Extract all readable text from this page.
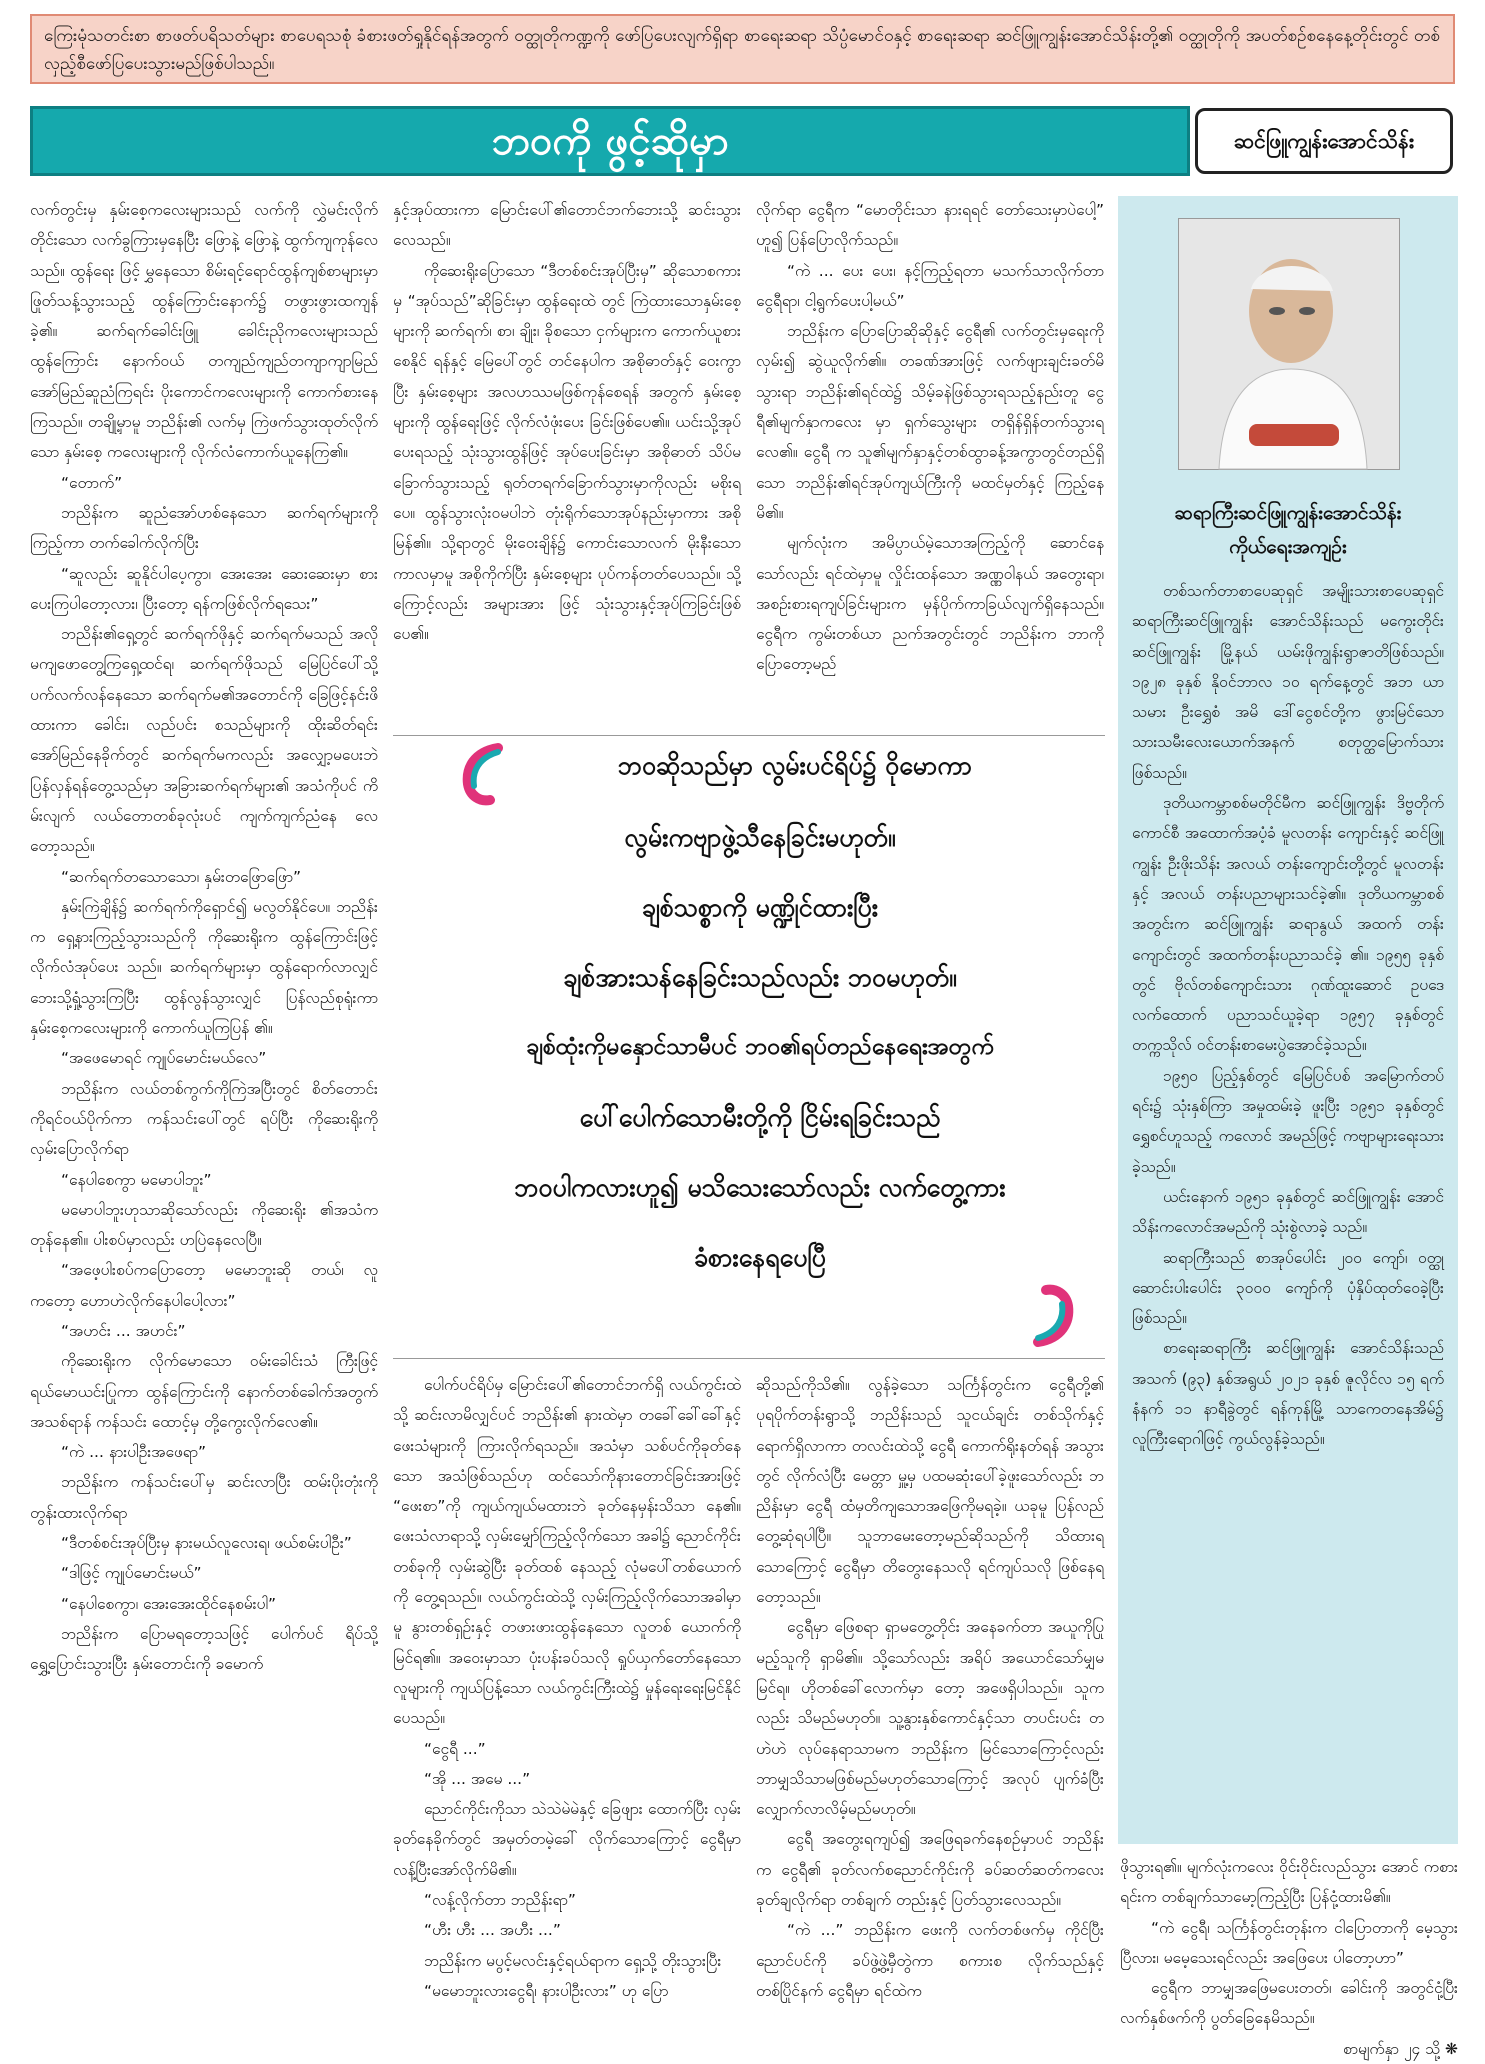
ကြေးမုံသတင်းစာ စာဖတ်ပရိသတ်များ စာပေရသစုံ ခံစားဖတ်ရှုနိုင်ရန်အတွက် ဝတ္ထုတိုကဏ္ဍကို ဖော်ပြပေးလျက်ရှိရာ စာရေးဆရာ သိပ္ပံမောင်ဝနှင့် စာရေးဆရာ ဆင်ဖြူကျွန်းအောင်သိန်းတို့၏ ဝတ္ထုတိုကို အပတ်စဉ်စနေနေ့တိုင်းတွင် တစ်လှည့်စီဖော်ပြပေးသွားမည်ဖြစ်ပါသည်။
ဘဝကို ဖွင့်ဆိုမှာ	ဆင်ဖြူကျွန်းအောင်သိန်း

လက်တွင်းမှ နှမ်းစေ့ကလေးများသည် လက်ကို လွှဲမင်းလိုက်တိုင်းသော လက်ခွကြားမှနေပြီး ဖြောနဲ့ ဖြောနဲ့ ထွက်ကျကုန်လေသည်။ ထွန်ရေး ဖြင့် မွှနေသော စိမ်းရင့်ရောင်ထွန်ကျစ်စာများမှာ ဖြုတ်သန့်သွားသည့် ထွန်ကြောင်းနောက်၌ တဖွားဖွားထကျန်ခဲ့၏။ ဆက်ရက်ခေါင်းဖြူ ခေါင်းညိုကလေးများသည် ထွန်ကြောင်း နောက်ဝယ် တကျည်ကျည်တကျာကျာမြည် အော်မြည်ဆူညံကြရင်း ပိုးကောင်ကလေးများကို ကောက်စားနေကြသည်။ တချို့မှာမူ ဘညိန်း၏ လက်မှ ကြဲဖက်သွားထုတ်လိုက်သော နှမ်းစေ့ ကလေးများကို လိုက်လံကောက်ယူနေကြ၏။

“တောက်”

ဘညိန်းက ဆူညံအော်ဟစ်နေသော ဆက်ရက်များကိုကြည့်ကာ တက်ခေါက်လိုက်ပြီး

“ဆူလည်း ဆူနိုင်ပါပေ့ကွာ၊ အေးအေး ဆေးဆေးမှာ စားပေးကြပါတော့လား၊ ပြီးတော့ ရန်ကဖြစ်လိုက်ရသေး”

ဘညိန်း၏ရှေ့တွင် ဆက်ရက်ဖိုနှင့် ဆက်ရက်မသည် အလိုမကျဖောတွေ့ကြရှေ့ထင်ရ၊ ဆက်ရက်ဖိုသည် မြေပြင်ပေါ်သို့ ပက်လက်လန်နေသော ဆက်ရက်မ၏အတောင်ကို ခြေဖြင့်နင်းဖိထားကာ ခေါင်း၊ လည်ပင်း စသည်များကို ထိုးဆိတ်ရင်း အော်မြည်နေခိုက်တွင် ဆက်ရက်မကလည်း အလျှော့မပေးဘဲ ပြန်လှန်ရန်တွေ့သည်မှာ အခြားဆက်ရက်များ၏ အသံကိုပင် ကိမ်းလျက် လယ်တောတစ်ခုလုံးပင် ကျက်ကျက်ညံနေ လေတော့သည်။

“ဆက်ရက်တသောသော၊ နှမ်းတဖြောဖြော”

နှမ်းကြဲချိန်၌ ဆက်ရက်ကိုရှောင်၍ မလွတ်နိုင်ပေ။ ဘညိန်းက ရှေ့နားကြည့်သွားသည်ကို ကိုဆေးရိုးက ထွန်ကြောင်းဖြင့် လိုက်လံအုပ်ပေး သည်။ ဆက်ရက်များမှာ ထွန်ရောက်လာလျှင် ဘေးသို့ရှုံ့သွားကြပြီး ထွန်လွန်သွားလျှင် ပြန်လည်စုရုံးကာ နှမ်းစေ့ကလေးများကို ကောက်ယူကြပြန် ၏။

“အဖေမောရင် ကျုပ်မောင်းမယ်လေ”

ဘညိန်းက လယ်တစ်ကွက်ကိုကြဲအပြီးတွင် စိတ်တောင်းကိုရင်ဝယ်ပိုက်ကာ ကန်သင်းပေါ်တွင် ရပ်ပြီး ကိုဆေးရိုးကို လှမ်းပြောလိုက်ရာ

“နေပါစေကွာ မမောပါဘူး”

မမောပါဘူးဟုသာဆိုသော်လည်း ကိုဆေးရိုး ၏အသံက တုန်နေ၏။ ပါးစပ်မှာလည်း ဟပြဲနေလေပြီ။

“အဖေ့ပါးစပ်ကပြောတော့ မမောဘူးဆို တယ်၊ လူကတော့ ဟောဟဲလိုက်နေပါပေါ့လား”

“အဟင်း ... အဟင်း”

ကိုဆေးရိုးက လိုက်မောသော ဝမ်းခေါင်းသံ ကြီးဖြင့် ရယ်မောယင်းပြုကာ ထွန်ကြောင်းကို နောက်တစ်ခေါက်အတွက် အသစ်ရာန် ကန်သင်း ထောင့်မှ တို့ကွေးလိုက်လေ၏။

“ကဲ ... နားပါဦးအဖေရာ”

ဘညိန်းက ကန်သင်းပေါ်မှ ဆင်းလာပြီး ထမ်းပိုးတုံးကို တွန်းထားလိုက်ရာ

“ဒီတစ်စင်းအုပ်ပြီးမှ နားမယ်လူလေးရ၊ ဖယ်စမ်းပါဦး”

“ဒါဖြင့် ကျုပ်မောင်းမယ်”

“နေပါစေကွာ၊ အေးအေးထိုင်နေစမ်းပါ”

ဘညိန်းက ပြောမရတော့သဖြင့် ပေါက်ပင် ရိပ်သို့ ရွှေ့ပြောင်းသွားပြီး နှမ်းတောင်းကို ခမောက်

နှင့်အုပ်ထားကာ မြောင်းပေါ်၏တောင်ဘက်ဘေးသို့ ဆင်းသွားလေသည်။

ကိုဆေးရိုးပြောသော “ဒီတစ်စင်းအုပ်ပြီးမှ” ဆိုသောစကားမှ “အုပ်သည်”ဆိုခြင်းမှာ ထွန်ရေးထဲ တွင် ကြဲထားသောနှမ်းစေ့များကို ဆက်ရက်၊ စာ၊ ချိုး၊ ခိုစသော ငှက်များက ကောက်ယူစားစေနိုင် ရန်နှင့် မြေပေါ်တွင် တင်နေပါက အစိုဓာတ်နှင့် ဝေးကွာပြီး နှမ်းစေ့များ အလဟဿမဖြစ်ကုန်စေရန် အတွက် နှမ်းစေ့များကို ထွန်ရေးဖြင့် လိုက်လံဖုံးပေး ခြင်းဖြစ်ပေ၏။ ယင်းသို့အုပ်ပေးရသည့် သုံးသွားထွန်ဖြင့် အုပ်ပေးခြင်းမှာ အစိုဓာတ် သိပ်မခြောက်သွားသည့် ရုတ်တရက်ခြောက်သွားမှာကိုလည်း မစိုးရပေ။ ထွန်သွားလုံးဝမပါဘဲ တုံးရိုက်သောအုပ်နည်းမှာကား အစိုမြန်၏။ သို့ရာတွင် မိုးဝေးချိန်၌ ကောင်းသောလက် မိုးနီးသောကာလမှာမူ အစိုကိုက်ပြီး နှမ်းစေ့များ ပုပ်ကန်တတ်ပေသည်။ သို့ကြောင့်လည်း အများအား ဖြင့် သုံးသွားနှင့်အုပ်ကြခြင်းဖြစ်ပေ၏။

လိုက်ရာ ငွေရီက “မောတိုင်းသာ နားရရင် တော်သေးမှာပဲပေါ့” ဟူ၍ ပြန်ပြောလိုက်သည်။

“ကဲ ... ပေး ပေး၊ နင့်ကြည့်ရတာ မသက်သာလိုက်တာ ငွေရီရာ၊ ငါ့ရွက်ပေးပါ့မယ်”

ဘညိန်းက ပြောပြောဆိုဆိုနှင့် ငွေရီ၏ လက်တွင်းမှရေးကိုလှမ်း၍ ဆွဲယူလိုက်၏။ တခဏ်အားဖြင့် လက်ဖျားချင်းခတ်မိသွားရာ ဘညိန်း၏ရင်ထဲ၌ သိမ့်ခနဲဖြစ်သွားရသည့်နည်းတူ ငွေရီ၏မျက်နှာကလေး မှာ ရှက်သွေးများ တရှိန်ရှိန်တက်သွားရလေ၏။ ငွေရီ က သူ၏မျက်နှာနှင့်တစ်ထွာခန့်အကွာတွင်တည်ရှိ သော ဘညိန်း၏ရင်အုပ်ကျယ်ကြီးကို မထင်မှတ်နှင့် ကြည့်နေမိ၏။

မျက်လုံးက အမိပ္ပာယ်မဲ့သောအကြည့်ကို ဆောင်နေသော်လည်း ရင်ထဲမှာမူ လှိုင်းထန်သော အဏ္ဏဝါနယ် အတွေးရာ၊ အစဉ်းစားရကျပ်ခြင်းများက မှန်ပိုက်ကာခြယ်လျက်ရှိနေသည်။ ငွေရီက ကွမ်းတစ်ယာ ညက်အတွင်းတွင် ဘညိန်းက ဘာကိုပြောတော့မည်

ဘဝဆိုသည်မှာ လွမ်းပင်ရိပ်၌ ဝိုမောကာ
လွမ်းကဗျာဖွဲ့သီနေခြင်းမဟုတ်။
ချစ်သစ္စာကို မဏ္ဍိုင်ထားပြီး
ချစ်အားသန်နေခြင်းသည်လည်း ဘဝမဟုတ်။
ချစ်ထုံးကိုမနှောင်သာမီပင် ဘဝ၏ရပ်တည်နေရေးအတွက်
ပေါ်ပေါက်သောမီးတို့ကို ငြိမ်းရခြင်းသည်
ဘဝပါကလားဟူ၍ မသိသေးသော်လည်း လက်တွေ့ကား
ခံစားနေရပေပြီ

ပေါက်ပင်ရိပ်မှ မြောင်းပေါ်၏တောင်ဘက်ရှိ လယ်ကွင်းထဲသို့ ဆင်းလာမိလျှင်ပင် ဘညိန်း၏ နားထဲမှာ တခေါ်ခေါ်ခေါ်နှင့် ဖေးသံများကို ကြားလိုက်ရသည်။ အသံမှာ သစ်ပင်ကိုခုတ်နေသော အသံဖြစ်သည်ဟု ထင်သော်ကိုနားတောင်ခြင်းအားဖြင့် “ဖေးစာ”ကို ကျယ်ကျယ်မထားဘဲ ခုတ်နေမှန်းသိသာ နေ၏။ ဖေးသံလာရာသို့ လှမ်းမျှော်ကြည့်လိုက်သော အခါ၌ ညောင်ကိုင်းတစ်ခုကို လှမ်းဆွဲပြီး ခုတ်ထစ် နေသည့် လုံမပေါ်တစ်ယောက်ကို တွေ့ရသည်။ လယ်ကွင်းထဲသို့ လှမ်းကြည့်လိုက်သောအခါမှာမူ နွားတစ်ရှဉ်းနှင့် တဖားဖားထွန်နေသော လူတစ် ယောက်ကို မြင်ရ၏။ အဝေးမှာသာ ပုံးပန်းခပ်သလို ရှုပ်ယှက်တော်နေသောလူများကို ကျယ်ပြန့်သော လယ်ကွင်းကြီးထဲ၌ မှုန်ရေးရေးမြင်နိုင်ပေသည်။

“ငွေရီ ...”

“အို ... အမေ ...”

ညောင်ကိုင်းကိုသာ သဲသဲမဲမဲနှင့် ခြေဖျား ထောက်ပြီး လှမ်းခုတ်နေခိုက်တွင် အမှတ်တမဲ့ခေါ် လိုက်သောကြောင့် ငွေရီမှာ လန့်ပြီးအော်လိုက်မိ၏။

“လန့်လိုက်တာ ဘညိန်းရာ”

“ဟီး ဟီး ... အဟီး ...”

ဘညိန်းက မပွင့်မလင်းနှင့်ရယ်ရာက ရှေ့သို့ တိုးသွားပြီး

“မမောဘူးလားငွေရီ၊ နားပါဦးလား” ဟု ပြော

ဆိုသည်ကိုသိ၏။ လွန်ခဲ့သော သင်္ကြန်တွင်းက ငွေရီတို့၏ ပုရပိုက်တန်းရွာသို့ ဘညိန်းသည် သူငယ်ချင်း တစ်သိုက်နှင့် ရောက်ရှိလာကာ တလင်းထဲသို့ ငွေရီ ကောက်ရိုးနတ်ရန် အသွားတွင် လိုက်လံပြီး မေတ္တာ မှူ့မှ ပထမဆုံးပေါ်ခဲ့ဖူးသော်လည်း ဘညိန်းမှာ ငွေရီ ထံမှတိကျသောအဖြေကိုမရခဲ့။ ယခုမူ ပြန်လည် တွေ့ဆုံရပါပြီ။ သူဘာမေးတော့မည်ဆိုသည်ကို သိထားရသောကြောင့် ငွေရီမှာ တိတွေးနေသလို ရင်ကျပ်သလို ဖြစ်နေရတော့သည်။

ငွေရီမှာ ဖြေစရာ ရှာမတွေ့တိုင်း အနေခက်တာ အယူကိုပြုမည့်သူကို ရှာမိ၏။ သို့သော်လည်း အရိပ် အယောင်သော်မျှမမြင်ရ။ ဟိုတစ်ခေါ်လောက်မှာ တော့ အဖေရှိပါသည်။ သူကလည်း သိမည်မဟုတ်။ သူ့နွားနှစ်ကောင်နှင့်သာ တပင်းပင်း တဟဲဟဲ လုပ်နေရာသာမက ဘညိန်းက မြင်သောကြောင့်လည်း ဘာမျှသိသာမဖြစ်မည်မဟုတ်သောကြောင့် အလုပ် ပျက်ခံပြီး လျှောက်လာလိမ့်မည်မဟုတ်။

ငွေရီ အတွေးရကျပ်၍ အဖြေရခက်နေစဉ်မှာပင် ဘညိန်းက ငွေရီ၏ ခုတ်လက်စညောင်ကိုင်းကို ခပ်ဆတ်ဆတ်ကလေး ခုတ်ချလိုက်ရာ တစ်ချက် တည်းနှင့် ပြတ်သွားလေသည်။

“ကဲ ...” ဘညိန်းက ဖေးကို လက်တစ်ဖက်မှ ကိုင်ပြီး ညောင်ပင်ကို ခပ်ဖွဲ့ဖွဲ့မှီတွဲကာ စကားစ လိုက်သည်နှင့်တစ်ပြိုင်နက် ငွေရီမှာ ရင်ထဲက

ဆရာကြီးဆင်ဖြူကျွန်းအောင်သိန်း
ကိုယ်ရေးအကျဉ်း

တစ်သက်တာစာပေဆုရှင် အမျိုးသားစာပေဆုရှင် ဆရာကြီးဆင်ဖြူကျွန်း အောင်သိန်းသည် မကွေးတိုင်း ဆင်ဖြူကျွန်း မြို့နယ် ယမ်းဖိုကျွန်းရွာဇာတိဖြစ်သည်။ ၁၉၂၈ ခုနှစ် နိုဝင်ဘာလ ၁၀ ရက်နေ့တွင် အဘ ယာသမား ဦးရွှေစံ အမိ ဒေါ်ငွေစင်တို့က ဖွားမြင်သော သားသမီးလေးယောက်အနက် စတုတ္ထမြောက်သားဖြစ်သည်။

ဒုတိယကမ္ဘာစစ်မတိုင်မီက ဆင်ဖြူကျွန်း ဒိဗ္ဗတိုက်ကောင်စီ အထောက်အပံ့ခံ မူလတန်း ကျောင်းနှင့် ဆင်ဖြူကျွန်း ဦးဖိုးသိန်း အလယ် တန်းကျောင်းတို့တွင် မူလတန်းနှင့် အလယ် တန်းပညာများသင်ခဲ့၏။ ဒုတိယကမ္ဘာစစ် အတွင်းက ဆင်ဖြူကျွန်း ဆရာနွယ် အထက် တန်းကျောင်းတွင် အထက်တန်းပညာသင်ခဲ့ ၏။ ၁၉၅၅ ခုနှစ်တွင် ဗိုလ်တစ်ကျောင်းသား ဂုဏ်ထူးဆောင် ဥပဒေ လက်ထောက် ပညာသင်ယူခဲ့ရာ ၁၉၅၇ ခုနှစ်တွင် တက္ကသိုလ် ဝင်တန်းစာမေးပွဲအောင်ခဲ့သည်။

၁၉၅၀ ပြည့်နှစ်တွင် မြေပြင်ပစ် အမြောက်တပ်ရင်း၌ သုံးနှစ်ကြာ အမှုထမ်းခဲ့ ဖူးပြီး ၁၉၅၁ ခုနှစ်တွင် ရွှေစင်ဟူသည့် ကလောင် အမည်ဖြင့် ကဗျာများရေးသားခဲ့သည်။

ယင်းနောက် ၁၉၅၁ ခုနှစ်တွင် ဆင်ဖြူကျွန်း အောင်သိန်းကလောင်အမည်ကို သုံးစွဲလာခဲ့ သည်။

ဆရာကြီးသည် စာအုပ်ပေါင်း ၂၀၀ ကျော်၊ ဝတ္ထုဆောင်းပါးပေါင်း ၃၀၀၀ ကျော်ကို ပုံနှိပ်ထုတ်ဝေခဲ့ပြီးဖြစ်သည်။

စာရေးဆရာကြီး ဆင်ဖြူကျွန်း အောင်သိန်းသည် အသက် (၉၃) နှစ်အရွယ် ၂၀၂၁ ခုနှစ် ဇူလိုင်လ ၁၅ ရက် နံနက် ၁၁ နာရီခွဲတွင် ရန်ကုန်မြို့ သာကေတနေအိမ်၌ လူကြီးရောဂါဖြင့် ကွယ်လွန်ခဲ့သည်။

ဖိုသွားရ၏။ မျက်လုံးကလေး ဝိုင်းဝိုင်းလည်သွား အောင် ကစားရင်းက တစ်ချက်သာမော့ကြည့်ပြီး ပြန်ငုံ့ထားမိ၏။

“ကဲ ငွေရီ၊ သင်္ကြန်တွင်းတုန်းက ငါပြောတာကို မေ့သွားပြီလား၊ မမေ့သေးရင်လည်း အဖြေပေး ပါတော့ဟာ”

ငွေရီက ဘာမျှအဖြေမပေးတတ်၊ ခေါင်းကို အတွင်ငုံ့ပြီး လက်နှစ်ဖက်ကို ပွတ်ခြေနေမိသည်။

စာမျက်နှာ ၂၄ သို့ ❋
